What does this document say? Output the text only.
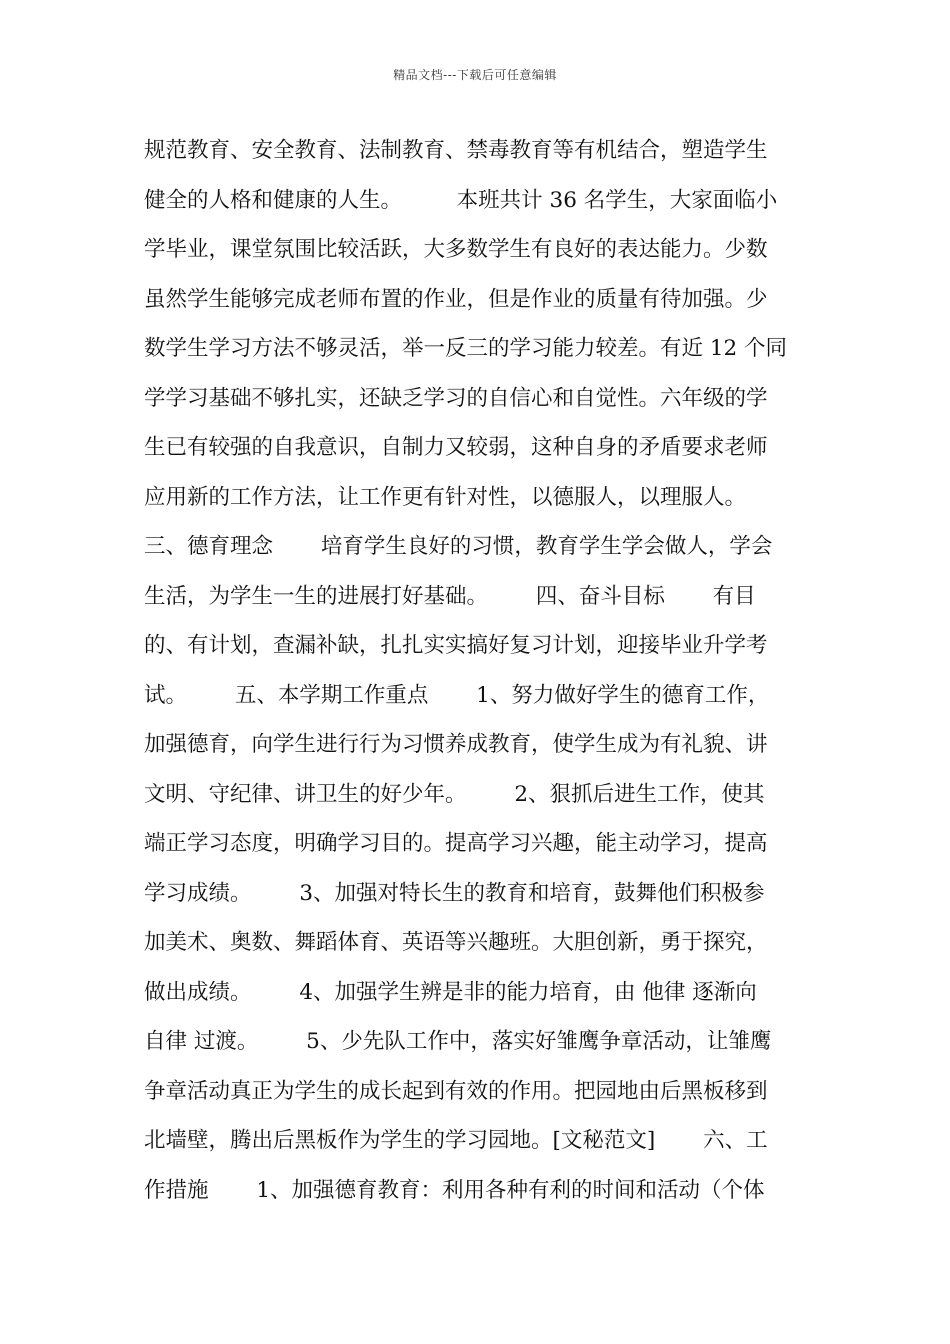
精品文档---下载后可任意编辑
规范教育、安全教育、法制教育、禁毒教育等有机结合，塑造学生
健全的人格和健康的人生。        本班共计 36 名学生，大家面临小
学毕业，课堂氛围比较活跃，大多数学生有良好的表达能力。少数
虽然学生能够完成老师布置的作业，但是作业的质量有待加强。少
数学生学习方法不够灵活，举一反三的学习能力较差。有近 12 个同
学学习基础不够扎实，还缺乏学习的自信心和自觉性。六年级的学
生已有较强的自我意识，自制力又较弱，这种自身的矛盾要求老师
应用新的工作方法，让工作更有针对性，以德服人，以理服人。
三、德育理念       培育学生良好的习惯，教育学生学会做人，学会
生活，为学生一生的进展打好基础。       四、奋斗目标       有目
的、有计划，查漏补缺，扎扎实实搞好复习计划，迎接毕业升学考
试。       五、本学期工作重点       1、努力做好学生的德育工作，
加强德育，向学生进行行为习惯养成教育，使学生成为有礼貌、讲
文明、守纪律、讲卫生的好少年。       2、狠抓后进生工作，使其
端正学习态度，明确学习目的。提高学习兴趣，能主动学习，提高
学习成绩。       3、加强对特长生的教育和培育，鼓舞他们积极参
加美术、奥数、舞蹈体育、英语等兴趣班。大胆创新，勇于探究，
做出成绩。       4、加强学生辨是非的能力培育，由 他律 逐渐向
自律 过渡。       5、少先队工作中，落实好雏鹰争章活动，让雏鹰
争章活动真正为学生的成长起到有效的作用。把园地由后黑板移到
北墙壁，腾出后黑板作为学生的学习园地。[文秘范文]       六、工
作措施       1、加强德育教育：利用各种有利的时间和活动（个体
